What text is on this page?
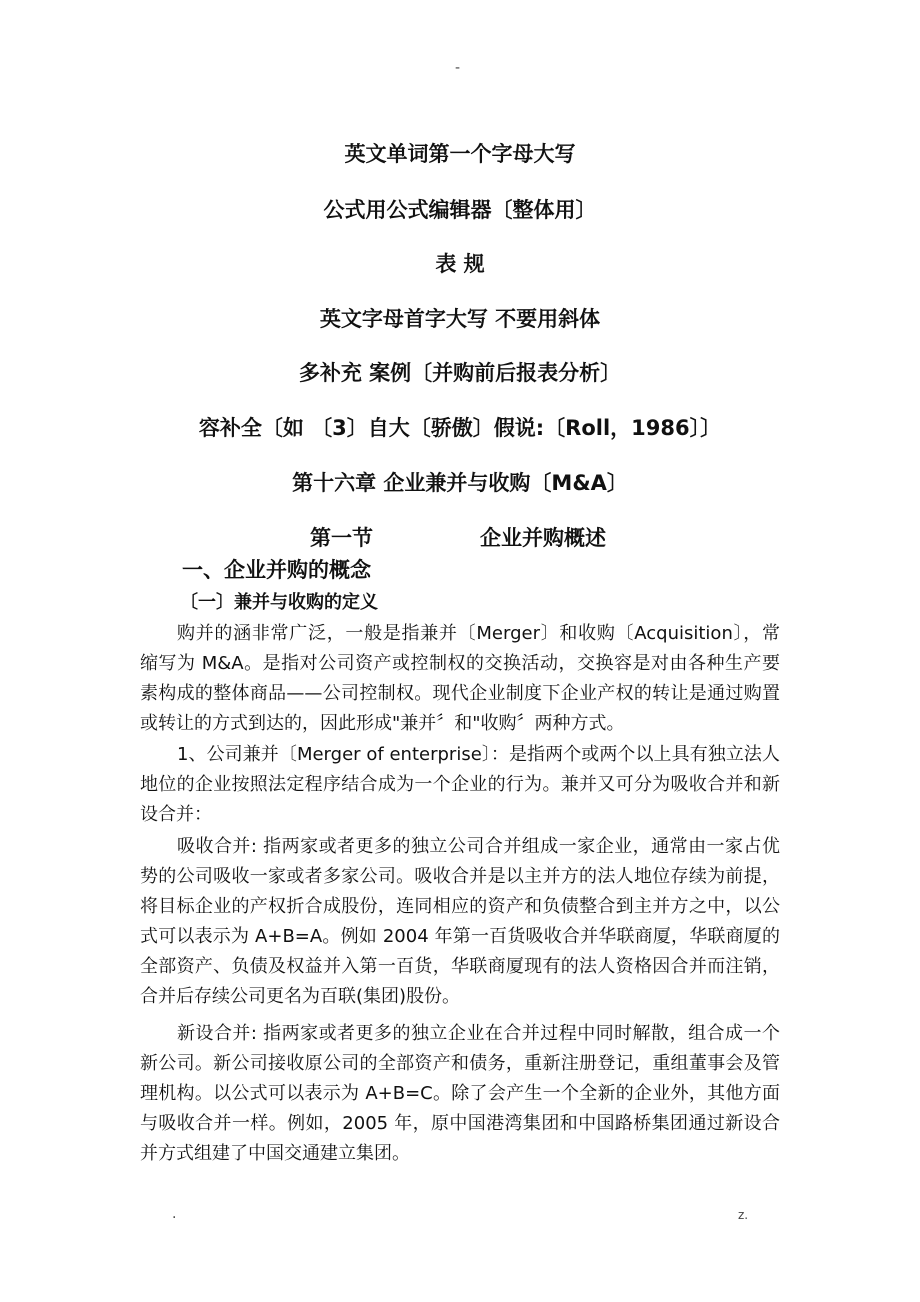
-
英文单词第一个字母大写
公式用公式编辑器〔整体用〕
表 规
英文字母首字大写 不要用斜体
多补充 案例〔并购前后报表分析〕
容补全〔如 〔3〕自大〔骄傲〕假说:〔Roll，1986〕〕
第十六章 企业兼并与收购〔M&A〕
第一节	企业并购概述
一、企业并购的概念
〔一〕兼并与收购的定义

购并的涵非常广泛，一般是指兼并〔Merger〕和收购〔Acquisition〕，常缩写为 M&A。是指对公司资产或控制权的交换活动，交换容是对由各种生产要素构成的整体商品——公司控制权。现代企业制度下企业产权的转让是通过购置或转让的方式到达的，因此形成"兼并〞和"收购〞两种方式。

1、公司兼并〔Merger of enterprise〕：是指两个或两个以上具有独立法人地位的企业按照法定程序结合成为一个企业的行为。兼并又可分为吸收合并和新设合并：

吸收合并: 指两家或者更多的独立公司合并组成一家企业，通常由一家占优势的公司吸收一家或者多家公司。吸收合并是以主并方的法人地位存续为前提，将目标企业的产权折合成股份，连同相应的资产和负债整合到主并方之中，以公式可以表示为 A+B=A。例如 2004 年第一百货吸收合并华联商厦，华联商厦的全部资产、负债及权益并入第一百货，华联商厦现有的法人资格因合并而注销，合并后存续公司更名为百联(集团)股份。

新设合并: 指两家或者更多的独立企业在合并过程中同时解散，组合成一个新公司。新公司接收原公司的全部资产和债务，重新注册登记，重组董事会及管理机构。以公式可以表示为 A+B=C。除了会产生一个全新的企业外，其他方面与吸收合并一样。例如，2005 年，原中国港湾集团和中国路桥集团通过新设合并方式组建了中国交通建立集团。

.	z.
